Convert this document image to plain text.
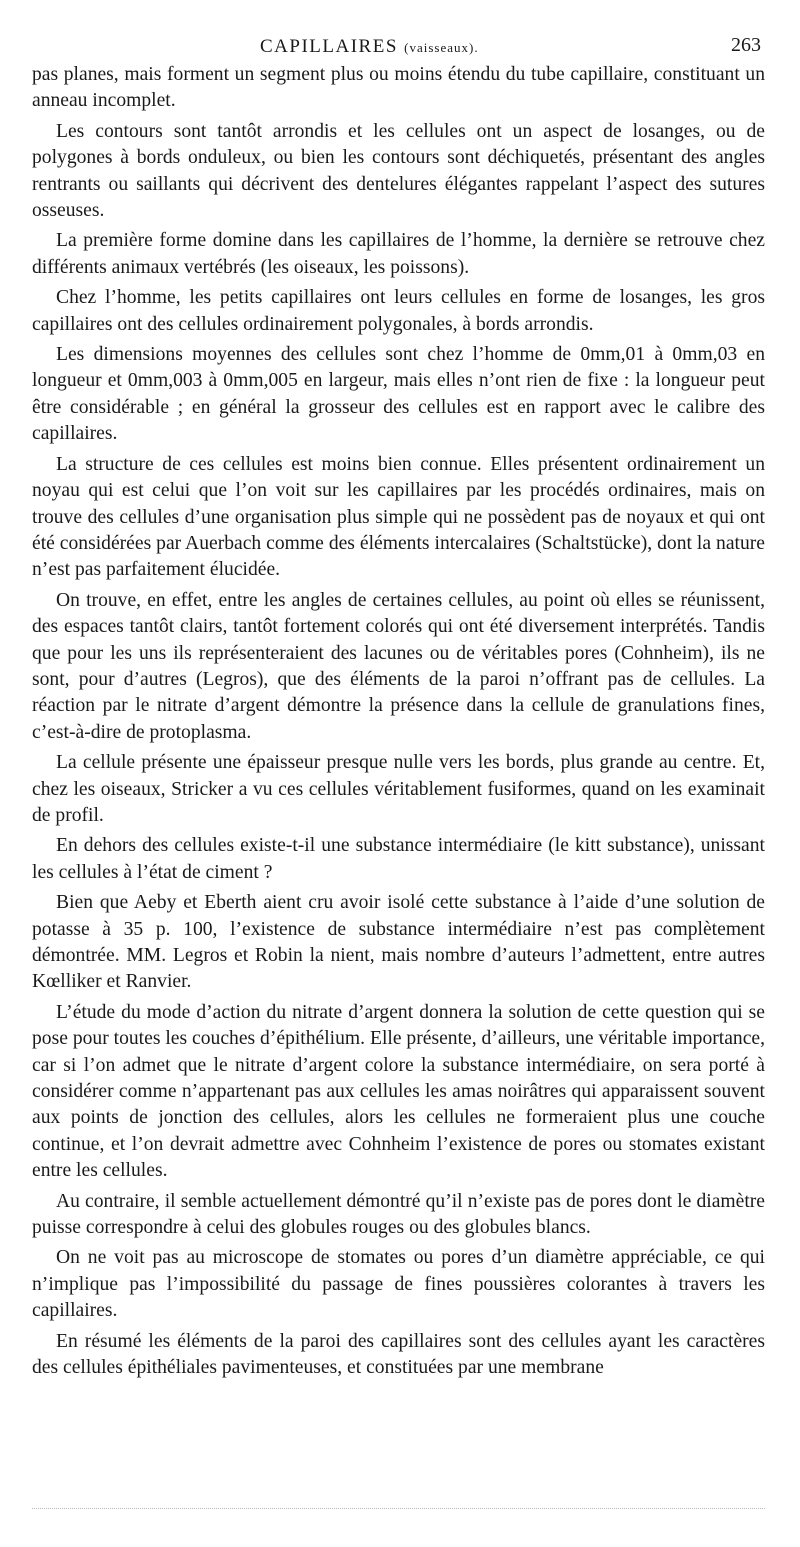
CAPILLAIRES (vaisseaux).	263

pas planes, mais forment un segment plus ou moins étendu du tube capillaire, constituant un anneau incomplet.

Les contours sont tantôt arrondis et les cellules ont un aspect de losanges, ou de polygones à bords onduleux, ou bien les contours sont déchiquetés, présentant des angles rentrants ou saillants qui décrivent des dentelures élégantes rappelant l’aspect des sutures osseuses.

La première forme domine dans les capillaires de l’homme, la dernière se retrouve chez différents animaux vertébrés (les oiseaux, les poissons).

Chez l’homme, les petits capillaires ont leurs cellules en forme de losanges, les gros capillaires ont des cellules ordinairement polygonales, à bords arrondis.

Les dimensions moyennes des cellules sont chez l’homme de 0mm,01 à 0mm,03 en longueur et 0mm,003 à 0mm,005 en largeur, mais elles n’ont rien de fixe : la longueur peut être considérable ; en général la grosseur des cellules est en rapport avec le calibre des capillaires.

La structure de ces cellules est moins bien connue. Elles présentent ordinairement un noyau qui est celui que l’on voit sur les capillaires par les procédés ordinaires, mais on trouve des cellules d’une organisation plus simple qui ne possèdent pas de noyaux et qui ont été considérées par Auerbach comme des éléments intercalaires (Schaltstücke), dont la nature n’est pas parfaitement élucidée.

On trouve, en effet, entre les angles de certaines cellules, au point où elles se réunissent, des espaces tantôt clairs, tantôt fortement colorés qui ont été diversement interprétés. Tandis que pour les uns ils représenteraient des lacunes ou de véritables pores (Cohnheim), ils ne sont, pour d’autres (Legros), que des éléments de la paroi n’offrant pas de cellules. La réaction par le nitrate d’argent démontre la présence dans la cellule de granulations fines, c’est-à-dire de protoplasma.

La cellule présente une épaisseur presque nulle vers les bords, plus grande au centre. Et, chez les oiseaux, Stricker a vu ces cellules véritablement fusiformes, quand on les examinait de profil.

En dehors des cellules existe-t-il une substance intermédiaire (le kitt substance), unissant les cellules à l’état de ciment ?

Bien que Aeby et Eberth aient cru avoir isolé cette substance à l’aide d’une solution de potasse à 35 p. 100, l’existence de substance intermédiaire n’est pas complètement démontrée. MM. Legros et Robin la nient, mais nombre d’auteurs l’admettent, entre autres Kœlliker et Ranvier.

L’étude du mode d’action du nitrate d’argent donnera la solution de cette question qui se pose pour toutes les couches d’épithélium. Elle présente, d’ailleurs, une véritable importance, car si l’on admet que le nitrate d’argent colore la substance intermédiaire, on sera porté à considérer comme n’appartenant pas aux cellules les amas noirâtres qui apparaissent souvent aux points de jonction des cellules, alors les cellules ne formeraient plus une couche continue, et l’on devrait admettre avec Cohnheim l’existence de pores ou stomates existant entre les cellules.

Au contraire, il semble actuellement démontré qu’il n’existe pas de pores dont le diamètre puisse correspondre à celui des globules rouges ou des globules blancs.

On ne voit pas au microscope de stomates ou pores d’un diamètre appréciable, ce qui n’implique pas l’impossibilité du passage de fines poussières colorantes à travers les capillaires.

En résumé les éléments de la paroi des capillaires sont des cellules ayant les caractères des cellules épithéliales pavimenteuses, et constituées par une membrane
